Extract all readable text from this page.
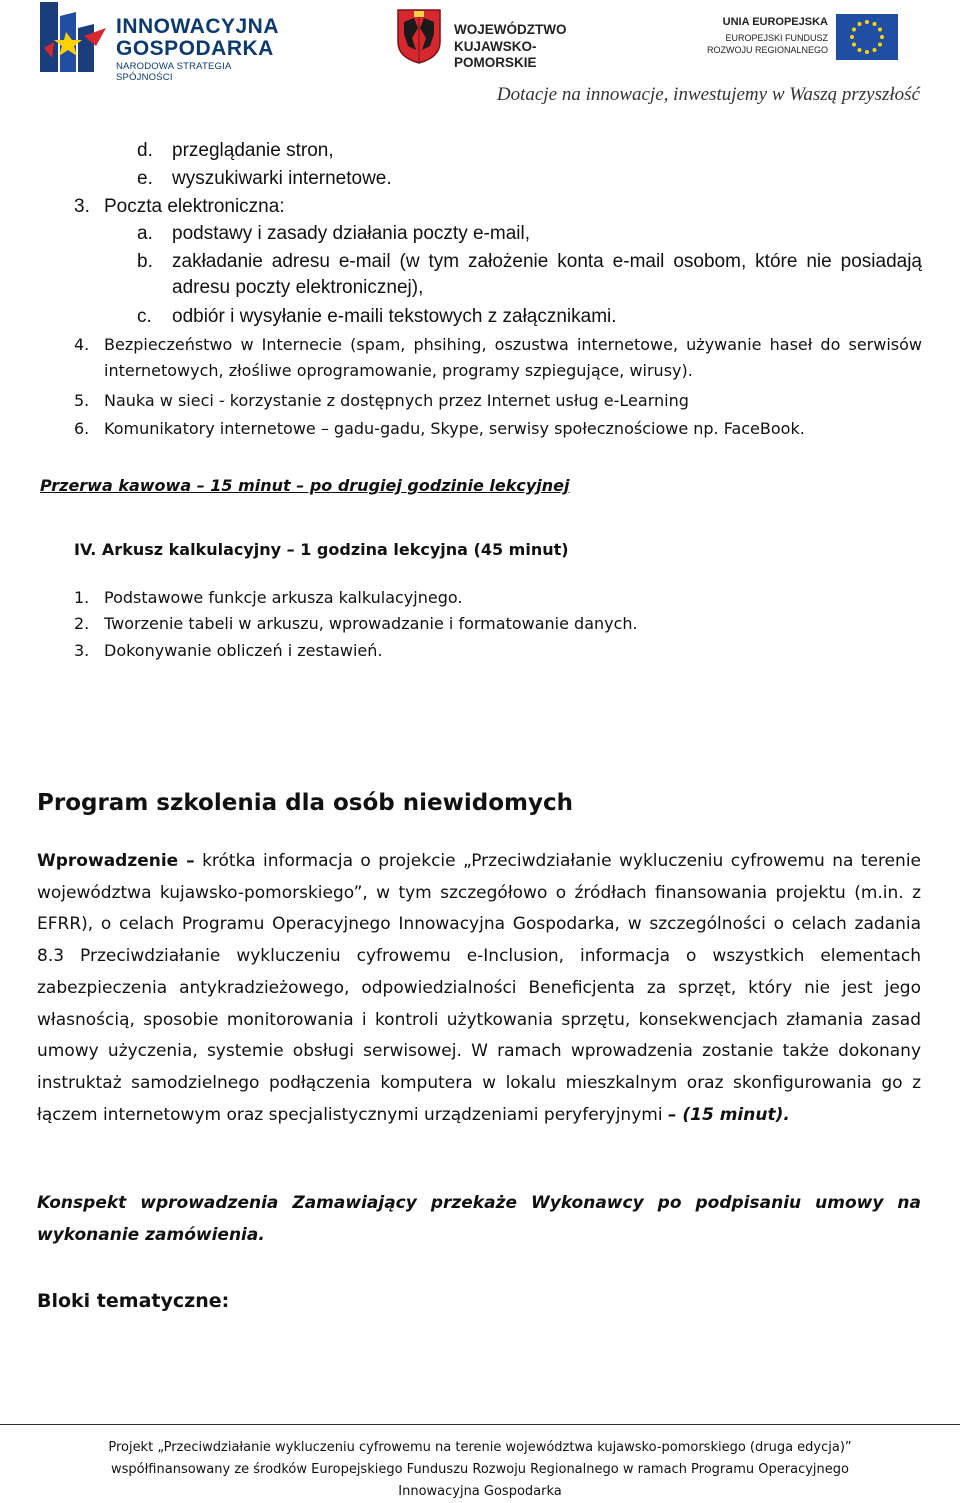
INNOWACYJNA
GOSPODARKA
NARODOWA STRATEGIA SPÓJNOŚCI
WOJEWÓDZTWO
KUJAWSKO-POMORSKIE
UNIA EUROPEJSKA
EUROPEJSKI FUNDUSZ
ROZWOJU REGIONALNEGO
Dotacje na innowacje, inwestujemy w Waszą przyszłość
d. przeglądanie stron,
e. wyszukiwarki internetowe.
3. Poczta elektroniczna:
a. podstawy i zasady działania poczty e-mail,
b. zakładanie adresu e-mail (w tym założenie konta e-mail osobom, które nie posiadają adresu poczty elektronicznej),
c. odbiór i wysyłanie e-maili tekstowych z załącznikami.
4. Bezpieczeństwo w Internecie (spam, phsihing, oszustwa internetowe, używanie haseł do serwisów internetowych, złośliwe oprogramowanie, programy szpiegujące, wirusy).
5. Nauka w sieci - korzystanie z dostępnych przez Internet usług e-Learning
6. Komunikatory internetowe – gadu-gadu, Skype, serwisy społecznościowe np. FaceBook.
Przerwa kawowa – 15 minut – po drugiej godzinie lekcyjnej
IV. Arkusz kalkulacyjny – 1 godzina lekcyjna (45 minut)
1. Podstawowe funkcje arkusza kalkulacyjnego.
2. Tworzenie tabeli w arkuszu, wprowadzanie i formatowanie danych.
3. Dokonywanie obliczeń i zestawień.
Program szkolenia dla osób niewidomych
Wprowadzenie – krótka informacja o projekcie „Przeciwdziałanie wykluczeniu cyfrowemu na terenie województwa kujawsko-pomorskiego”, w tym szczegółowo o źródłach finansowania projektu (m.in. z EFRR), o celach Programu Operacyjnego Innowacyjna Gospodarka, w szczególności o celach zadania 8.3 Przeciwdziałanie wykluczeniu cyfrowemu e-Inclusion, informacja o wszystkich elementach zabezpieczenia antykradzieżowego, odpowiedzialności Beneficjenta za sprzęt, który nie jest jego własnością, sposobie monitorowania i kontroli użytkowania sprzętu, konsekwencjach złamania zasad umowy użyczenia, systemie obsługi serwisowej. W ramach wprowadzenia zostanie także dokonany instruktaż samodzielnego podłączenia komputera w lokalu mieszkalnym oraz skonfigurowania go z łączem internetowym oraz specjalistycznymi urządzeniami peryferyjnymi – (15 minut).
Konspekt wprowadzenia Zamawiający przekaże Wykonawcy po podpisaniu umowy na wykonanie zamówienia.
Bloki tematyczne:
Projekt „Przeciwdziałanie wykluczeniu cyfrowemu na terenie województwa kujawsko-pomorskiego (druga edycja)”
współfinansowany ze środków Europejskiego Funduszu Rozwoju Regionalnego w ramach Programu Operacyjnego
Innowacyjna Gospodarka
